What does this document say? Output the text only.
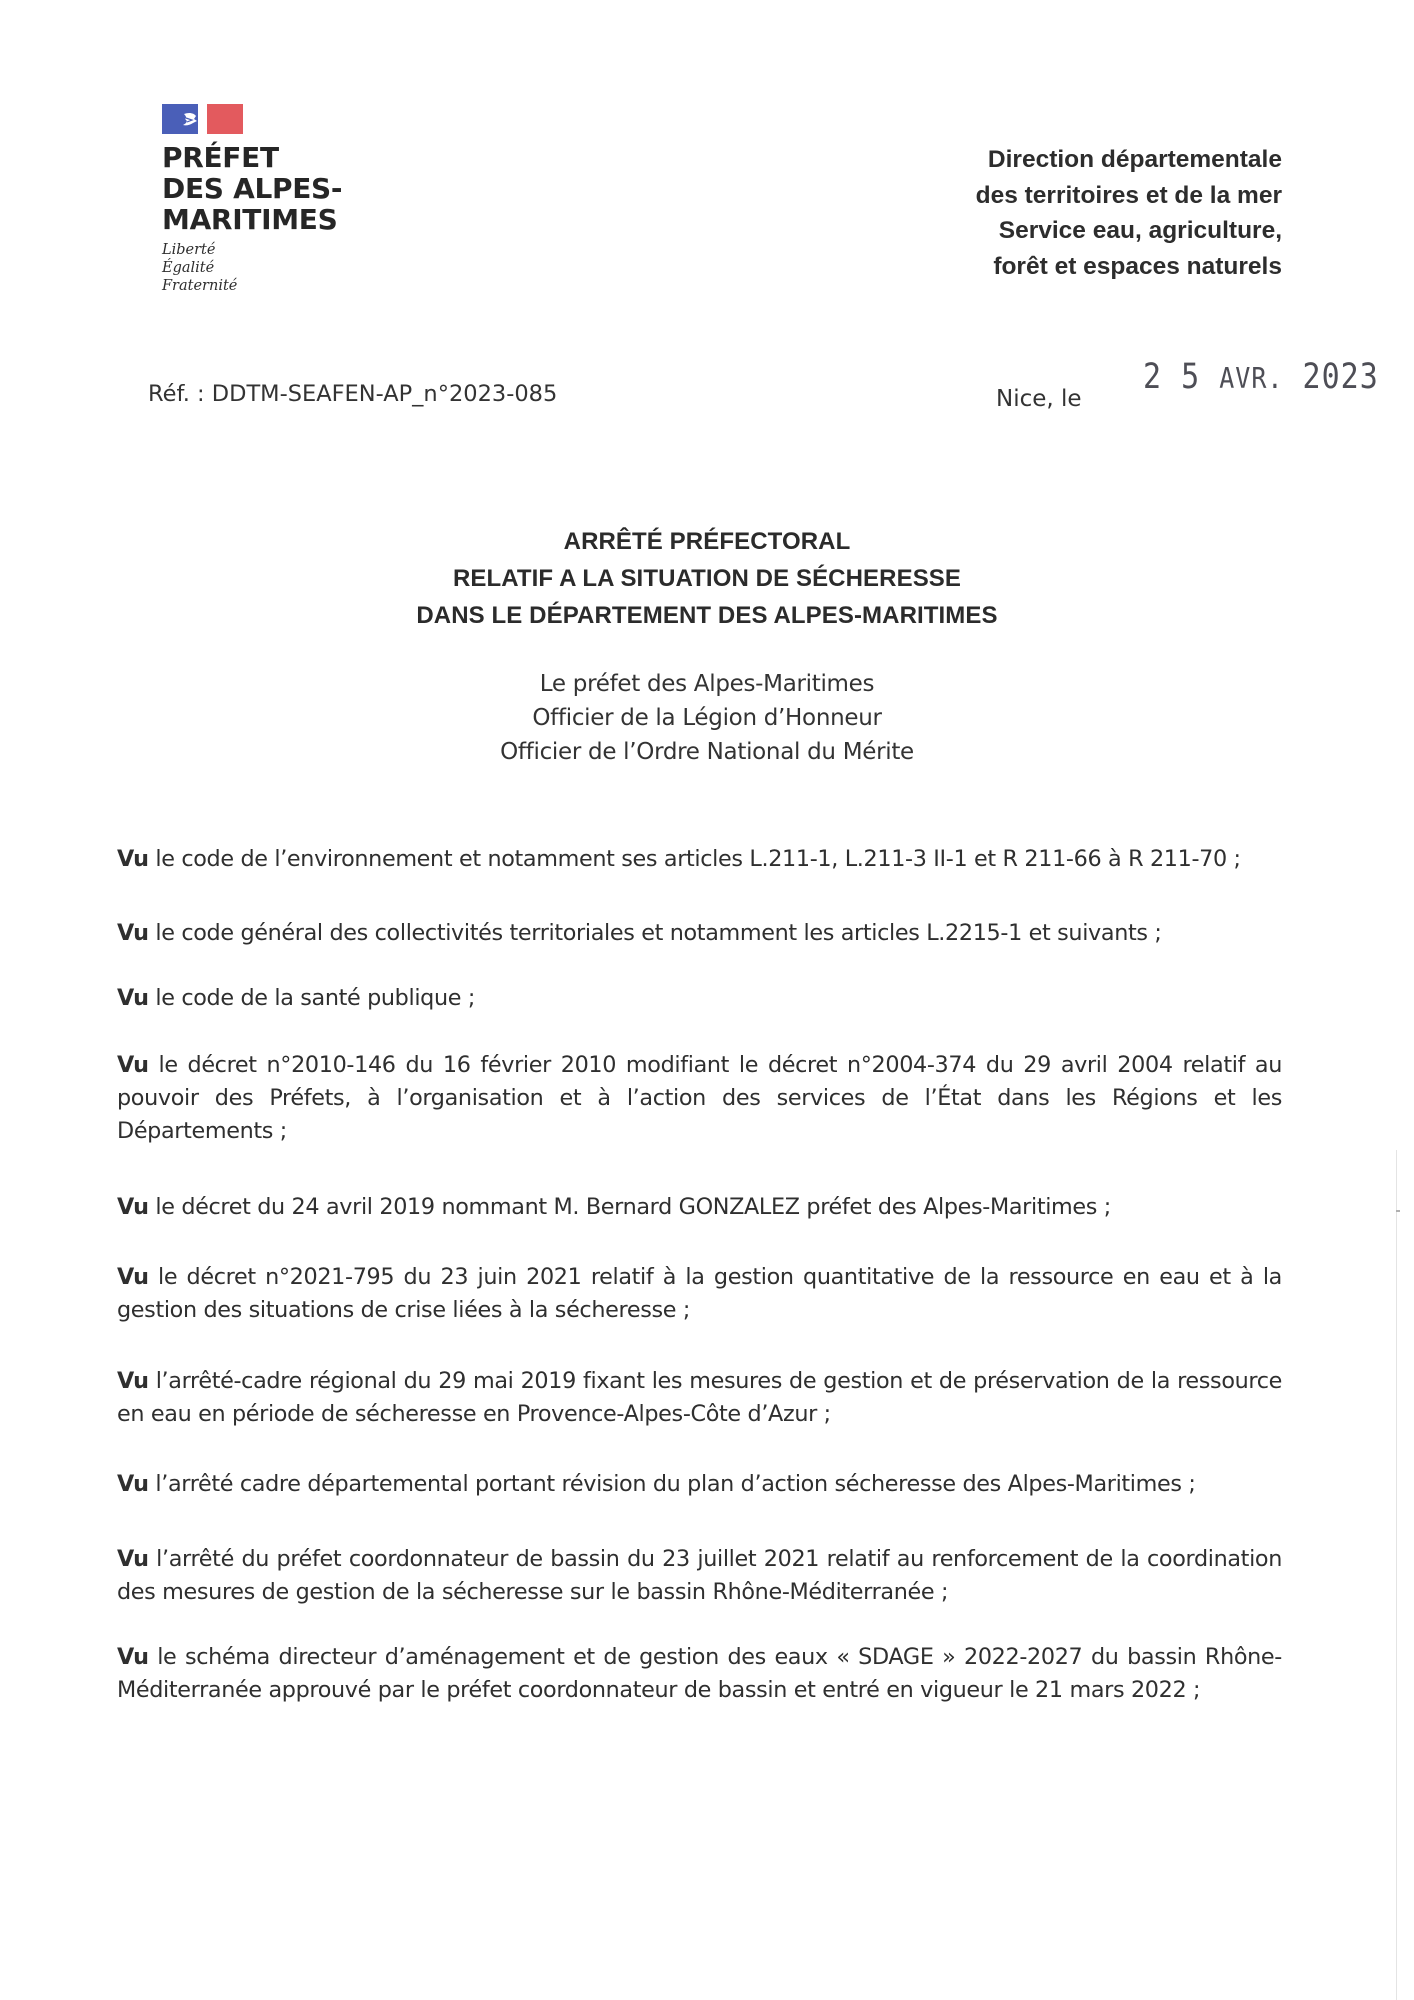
PRÉFET
DES ALPES-
MARITIMES
Liberté
Égalité
Fraternité
Direction départementale
des territoires et de la mer
Service eau, agriculture,
forêt et espaces naturels
Réf. : DDTM-SEAFEN-AP_n°2023-085	Nice, le
2 5 AVR. 2023
ARRÊTÉ PRÉFECTORAL
RELATIF A LA SITUATION DE SÉCHERESSE
DANS LE DÉPARTEMENT DES ALPES-MARITIMES
Le préfet des Alpes-Maritimes
Officier de la Légion d’Honneur
Officier de l’Ordre National du Mérite

Vu le code de l’environnement et notamment ses articles L.211-1, L.211-3 II-1 et R 211-66 à R 211-70 ;

Vu le code général des collectivités territoriales et notamment les articles L.2215-1 et suivants ;

Vu le code de la santé publique ;

Vu le décret n°2010-146 du 16 février 2010 modifiant le décret n°2004-374 du 29 avril 2004 relatif au pouvoir des Préfets, à l’organisation et à l’action des services de l’État dans les Régions et les Départements ;

Vu le décret du 24 avril 2019 nommant M. Bernard GONZALEZ préfet des Alpes-Maritimes ;

Vu le décret n°2021-795 du 23 juin 2021 relatif à la gestion quantitative de la ressource en eau et à la gestion des situations de crise liées à la sécheresse ;

Vu l’arrêté-cadre régional du 29 mai 2019 fixant les mesures de gestion et de préservation de la ressource en eau en période de sécheresse en Provence-Alpes-Côte d’Azur ;

Vu l’arrêté cadre départemental portant révision du plan d’action sécheresse des Alpes-Maritimes ;

Vu l’arrêté du préfet coordonnateur de bassin du 23 juillet 2021 relatif au renforcement de la coordination des mesures de gestion de la sécheresse sur le bassin Rhône-Méditerranée ;

Vu le schéma directeur d’aménagement et de gestion des eaux « SDAGE » 2022-2027 du bassin Rhône-Méditerranée approuvé par le préfet coordonnateur de bassin et entré en vigueur le 21 mars 2022 ;
